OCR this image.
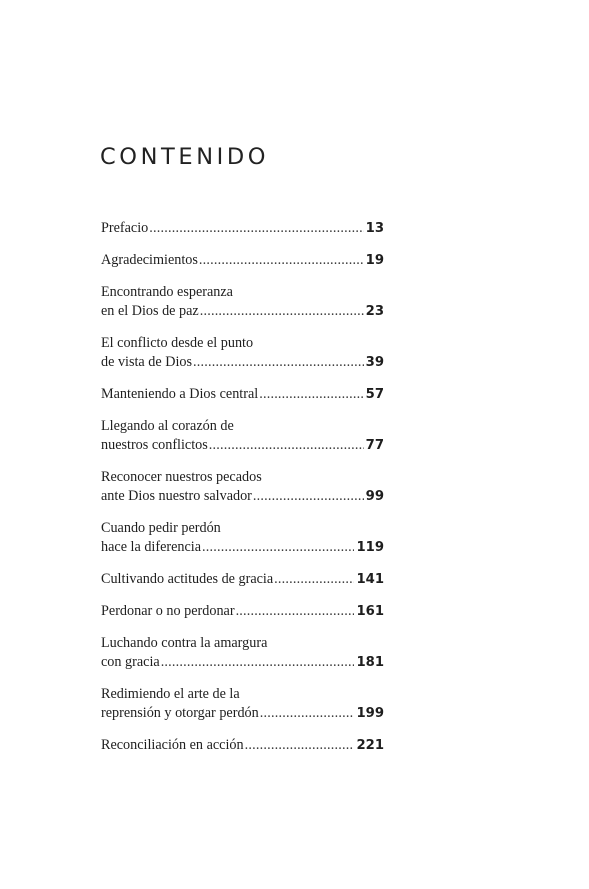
CONTENIDO
Prefacio .....	13
Agradecimientos .....	19
Encontrando esperanza
en el Dios de paz .....	23
El conflicto desde el punto
de vista de Dios .....	39
Manteniendo a Dios central .....	57
Llegando al corazón de
nuestros conflictos .....	77
Reconocer nuestros pecados
ante Dios nuestro salvador .....	99
Cuando pedir perdón
hace la diferencia .....	119
Cultivando actitudes de gracia .....	141
Perdonar o no perdonar .....	161
Luchando contra la amargura
con gracia .....	181
Redimiendo el arte de la
reprensión y otorgar perdón .....	199
Reconciliación en acción .....	221
